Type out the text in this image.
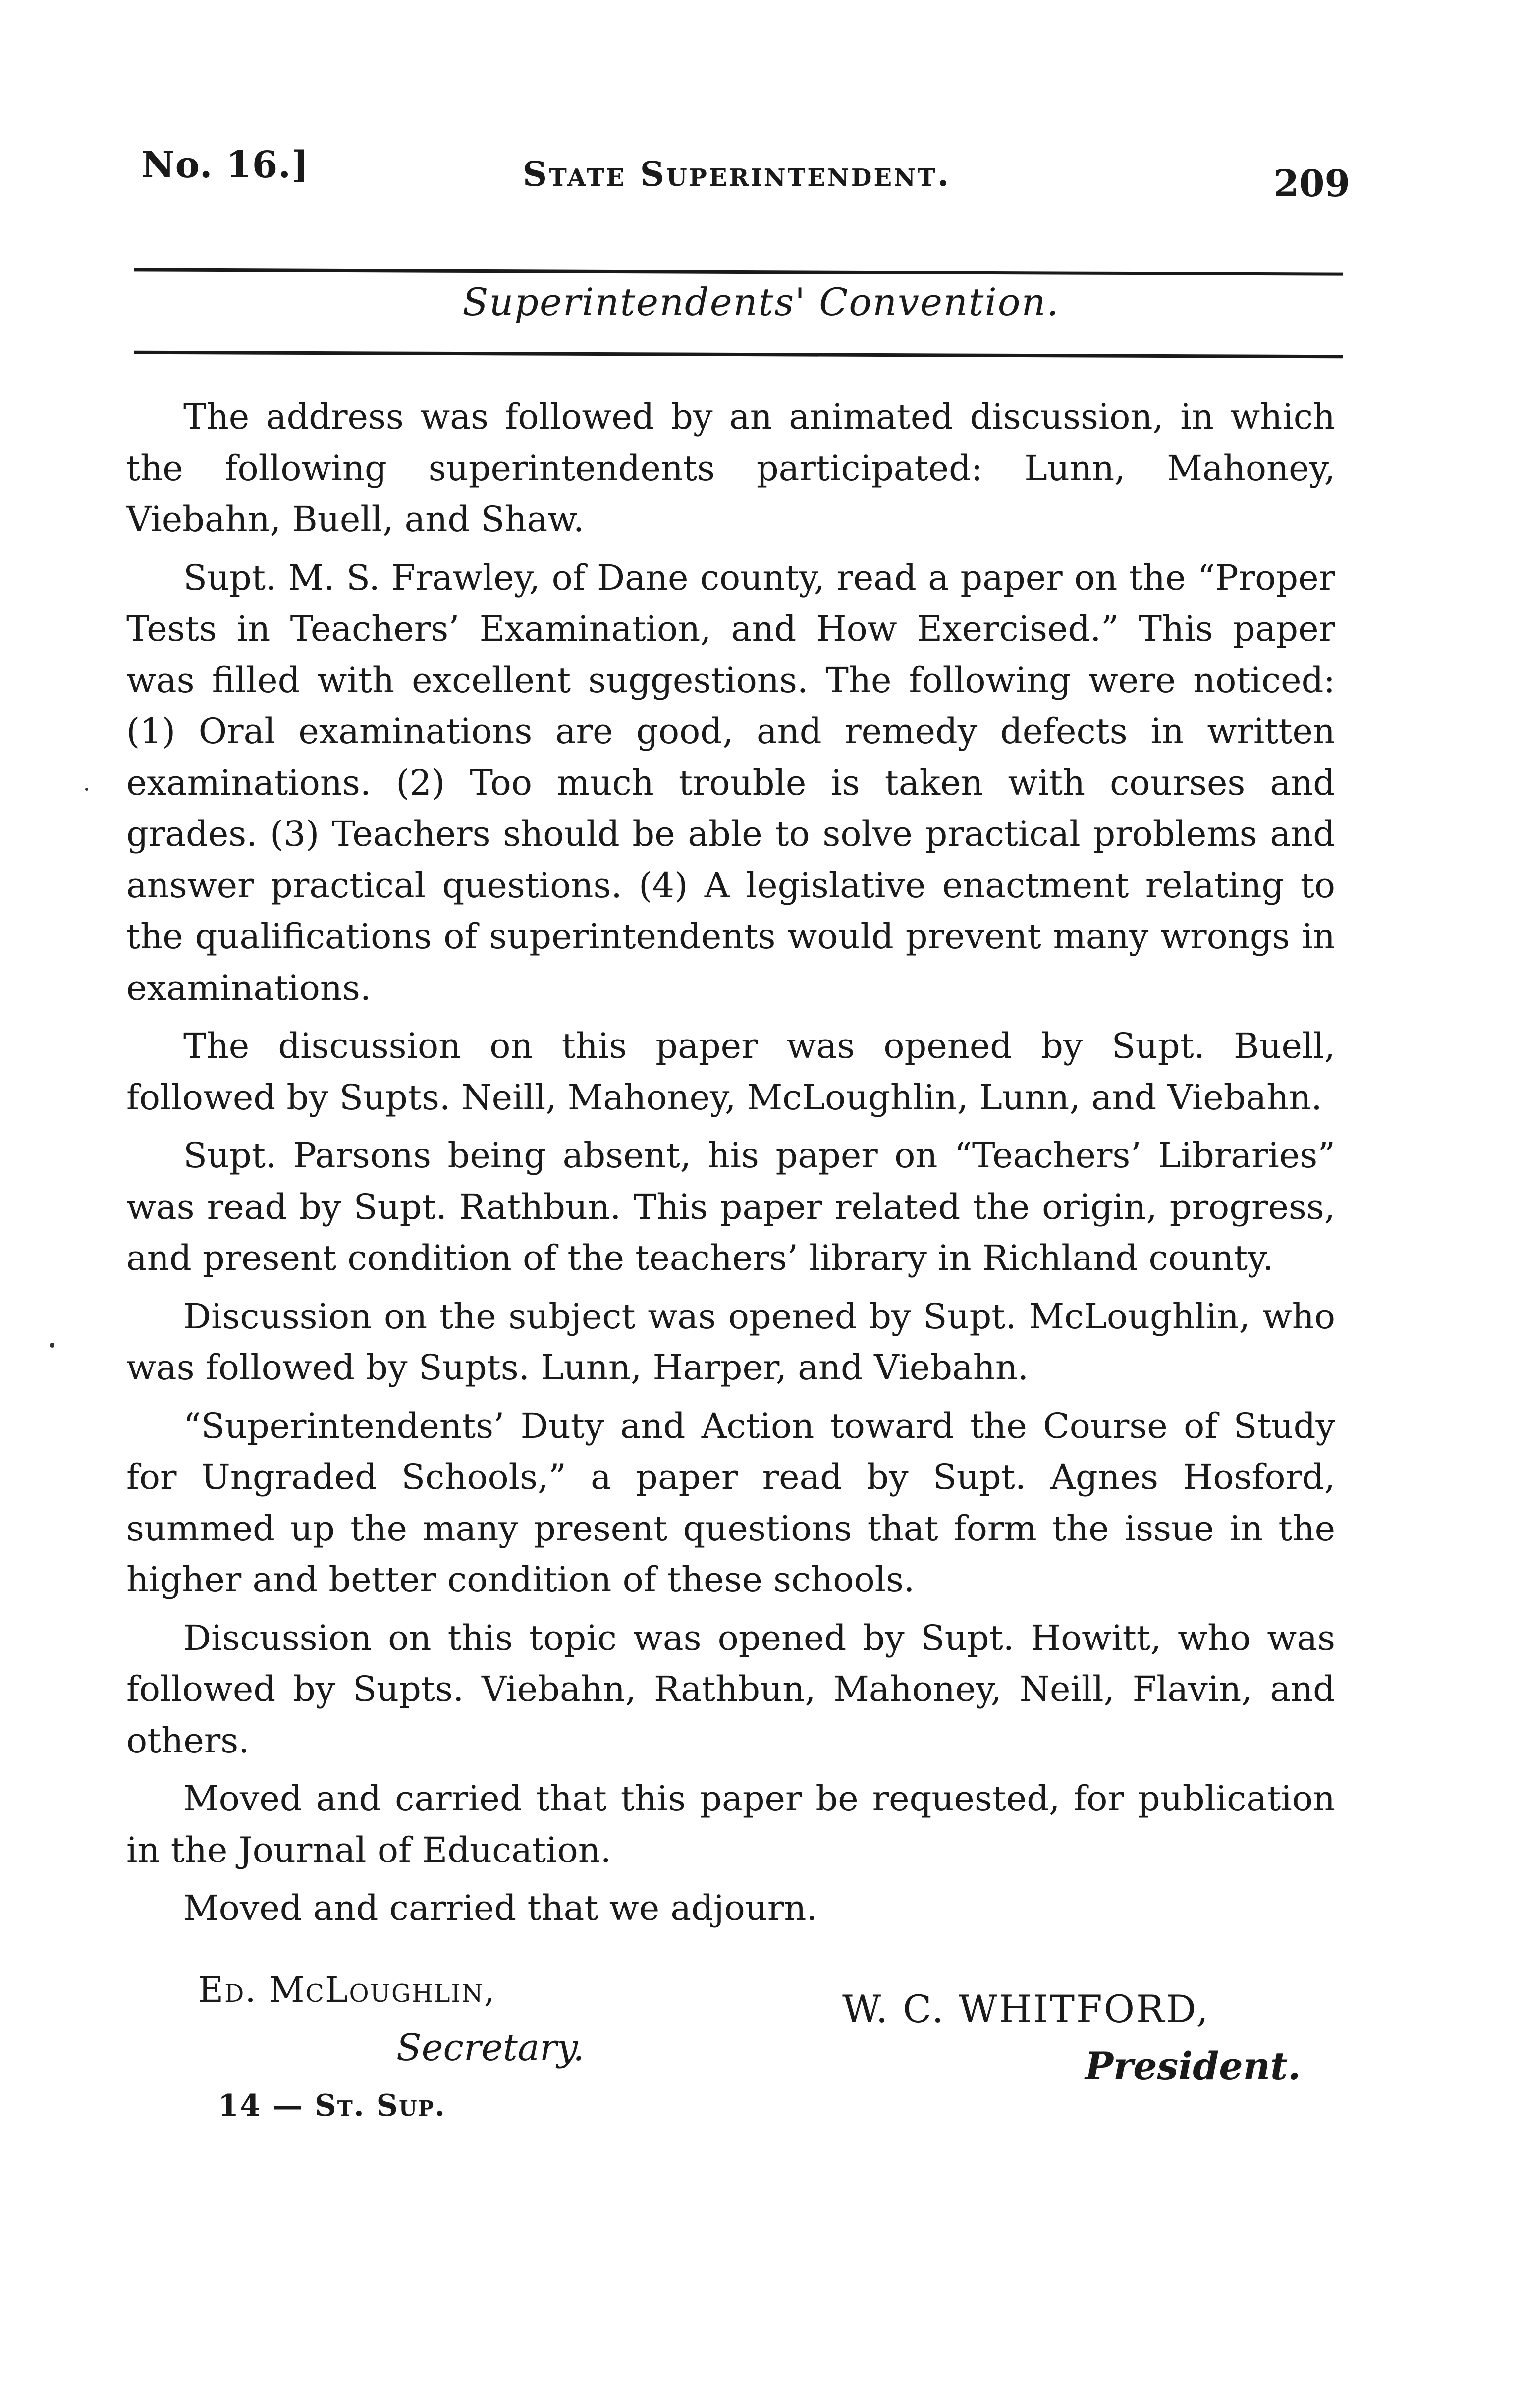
No. 16.]	State Superintendent.	209
Superintendents' Convention.

The address was followed by an animated discussion, in which the following superintendents participated: Lunn, Mahoney, Viebahn, Buell, and Shaw.

Supt. M. S. Frawley, of Dane county, read a paper on the “Proper Tests in Teachers’ Examination, and How Exercised.” This paper was filled with excellent suggestions. The following were noticed: (1) Oral examinations are good, and remedy defects in written examinations. (2) Too much trouble is taken with courses and grades. (3) Teachers should be able to solve practical problems and answer practical questions. (4) A legislative enactment relating to the qualifications of superintendents would prevent many wrongs in examinations.

The discussion on this paper was opened by Supt. Buell, followed by Supts. Neill, Mahoney, McLoughlin, Lunn, and Viebahn.

Supt. Parsons being absent, his paper on “Teachers’ Libraries” was read by Supt. Rathbun. This paper related the origin, progress, and present condition of the teachers’ library in Richland county.

Discussion on the subject was opened by Supt. McLoughlin, who was followed by Supts. Lunn, Harper, and Viebahn.

“Superintendents’ Duty and Action toward the Course of Study for Ungraded Schools,” a paper read by Supt. Agnes Hosford, summed up the many present questions that form the issue in the higher and better condition of these schools.

Discussion on this topic was opened by Supt. Howitt, who was followed by Supts. Viebahn, Rathbun, Mahoney, Neill, Flavin, and others.

Moved and carried that this paper be requested, for publication in the Journal of Education.

Moved and carried that we adjourn.

Ed. McLoughlin,
Secretary.
W. C. WHITFORD,
President.
14 — St. Sup.
